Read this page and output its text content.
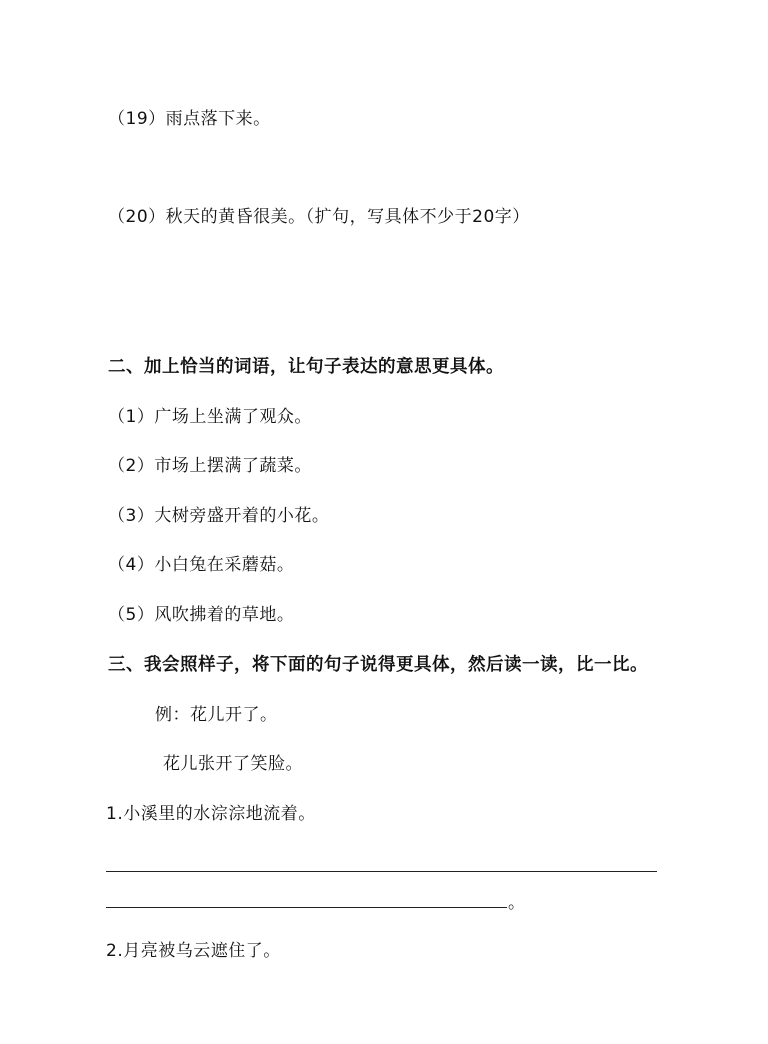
（19）雨点落下来。
（20）秋天的黄昏很美。（扩句，写具体不少于20字）
二、加上恰当的词语，让句子表达的意思更具体。
（1）广场上坐满了观众。
（2）市场上摆满了蔬菜。
（3）大树旁盛开着的小花。
（4）小白兔在采蘑菇。
（5）风吹拂着的草地。
三、我会照样子，将下面的句子说得更具体，然后读一读，比一比。
例：花儿开了。
花儿张开了笑脸。
1.小溪里的水淙淙地流着。
。
2.月亮被乌云遮住了。
